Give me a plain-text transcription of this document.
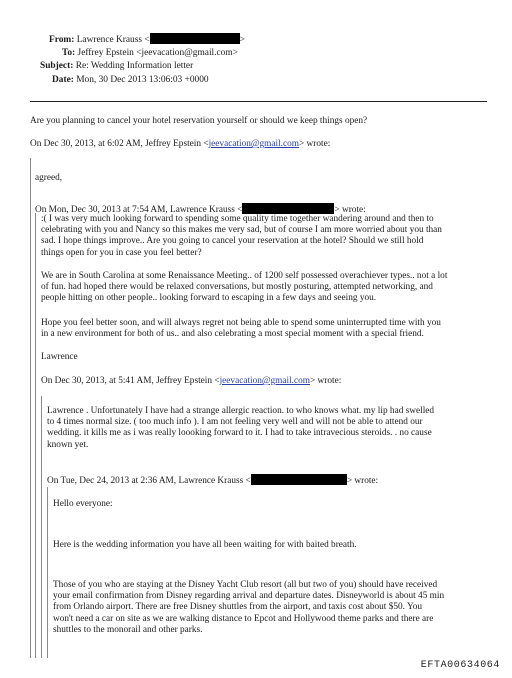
From: Lawrence Krauss <	>
To: Jeffrey Epstein <jeevacation@gmail.com>
Subject: Re: Wedding Information letter
Date: Mon, 30 Dec 2013 13:06:03 +0000
Are you planning to cancel your hotel reservation yourself or should we keep things open?
On Dec 30, 2013, at 6:02 AM, Jeffrey Epstein <jeevacation@gmail.com> wrote:
agreed,
On Mon, Dec 30, 2013 at 7:54 AM, Lawrence Krauss <	> wrote:
:( I was very much looking forward to spending some quality time together wandering around and then to
celebrating with you and Nancy so this makes me very sad, but of course I am more worried about you than
sad. I hope things improve.. Are you going to cancel your reservation at the hotel? Should we still hold
things open for you in case you feel better?
We are in South Carolina at some Renaissance Meeting.. of 1200 self possessed overachiever types.. not a lot
of fun. had hoped there would be relaxed conversations, but mostly posturing, attempted networking, and
people hitting on other people.. looking forward to escaping in a few days and seeing you.
Hope you feel better soon, and will always regret not being able to spend some uninterrupted time with you
in a new environment for both of us.. and also celebrating a most special moment with a special friend.
Lawrence
On Dec 30, 2013, at 5:41 AM, Jeffrey Epstein <jeevacation@gmail.com> wrote:
Lawrence . Unfortunately I have had a strange allergic reaction. to who knows what. my lip had swelled
to 4 times normal size. ( too much info ). I am not feeling very well and will not be able to attend our
wedding. it kills me as i was really loooking forward to it. I had to take intravecious steroids. . no cause
known yet.
On Tue, Dec 24, 2013 at 2:36 AM, Lawrence Krauss <	> wrote:
Hello everyone:
Here is the wedding information you have all been waiting for with baited breath.
Those of you who are staying at the Disney Yacht Club resort (all but two of you) should have received
your email confirmation from Disney regarding arrival and departure dates. Disneyworld is about 45 min
from Orlando airport. There are free Disney shuttles from the airport, and taxis cost about $50. You
won't need a car on site as we are walking distance to Epcot and Hollywood theme parks and there are
shuttles to the monorail and other parks.
EFTA00634064
